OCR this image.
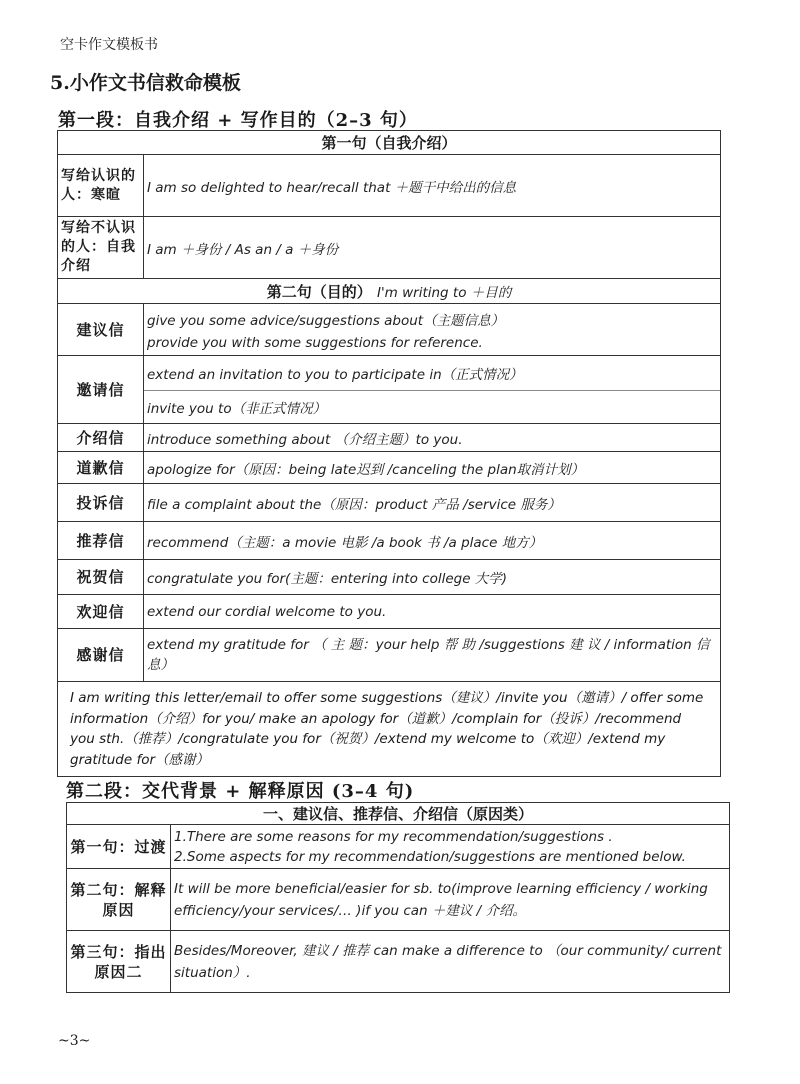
空卡作文模板书
5.小作文书信救命模板
第一段：自我介绍 + 写作目的（2–3 句）
第一句（自我介绍）	
写给认识的人：寒暄	I am so delighted to hear/recall that ＋题干中给出的信息
写给不认识的人：自我介绍	I am ＋身份 / As an / a ＋身份
第二句（目的） I'm writing to ＋目的	
建议信	give you some advice/suggestions about（主题信息）
provide you with some suggestions for reference.

邀请信	extend an invitation to you to participate in（正式情况）
invite you to（非正式情况）

介绍信	introduce something about （介绍主题）to you.
道歉信	apologize for（原因：being late迟到 /canceling the plan取消计划）
投诉信	file a complaint about the（原因：product 产品 /service 服务）
推荐信	recommend（主题：a movie 电影 /a book 书 /a place 地方）
祝贺信	congratulate you for(主题：entering into college 大学)
欢迎信	extend our cordial welcome to you.
感谢信	extend my gratitude for （ 主 题：your help 帮 助 /suggestions 建 议 / information 信息）
I am writing this letter/email to offer some suggestions（建议）/invite you（邀请）/ offer some information（介绍）for you/ make an apology for（道歉）/complain for（投诉）/recommend you sth.（推荐）/congratulate you for（祝贺）/extend my welcome to（欢迎）/extend my gratitude for（感谢）	
第二段：交代背景 + 解释原因 (3–4 句)
一、建议信、推荐信、介绍信（原因类）	
第一句：过渡	1.There are some reasons for my recommendation/suggestions .
2.Some aspects for my recommendation/suggestions are mentioned below.

第二句：解释原因	It will be more beneficial/easier for sb. to(improve learning efficiency / working efficiency/your services/… )if you can ＋建议 / 介绍。
第三句：指出原因二	Besides/Moreover, 建议 / 推荐 can make a difference to （our community/ current situation）.
~3~
